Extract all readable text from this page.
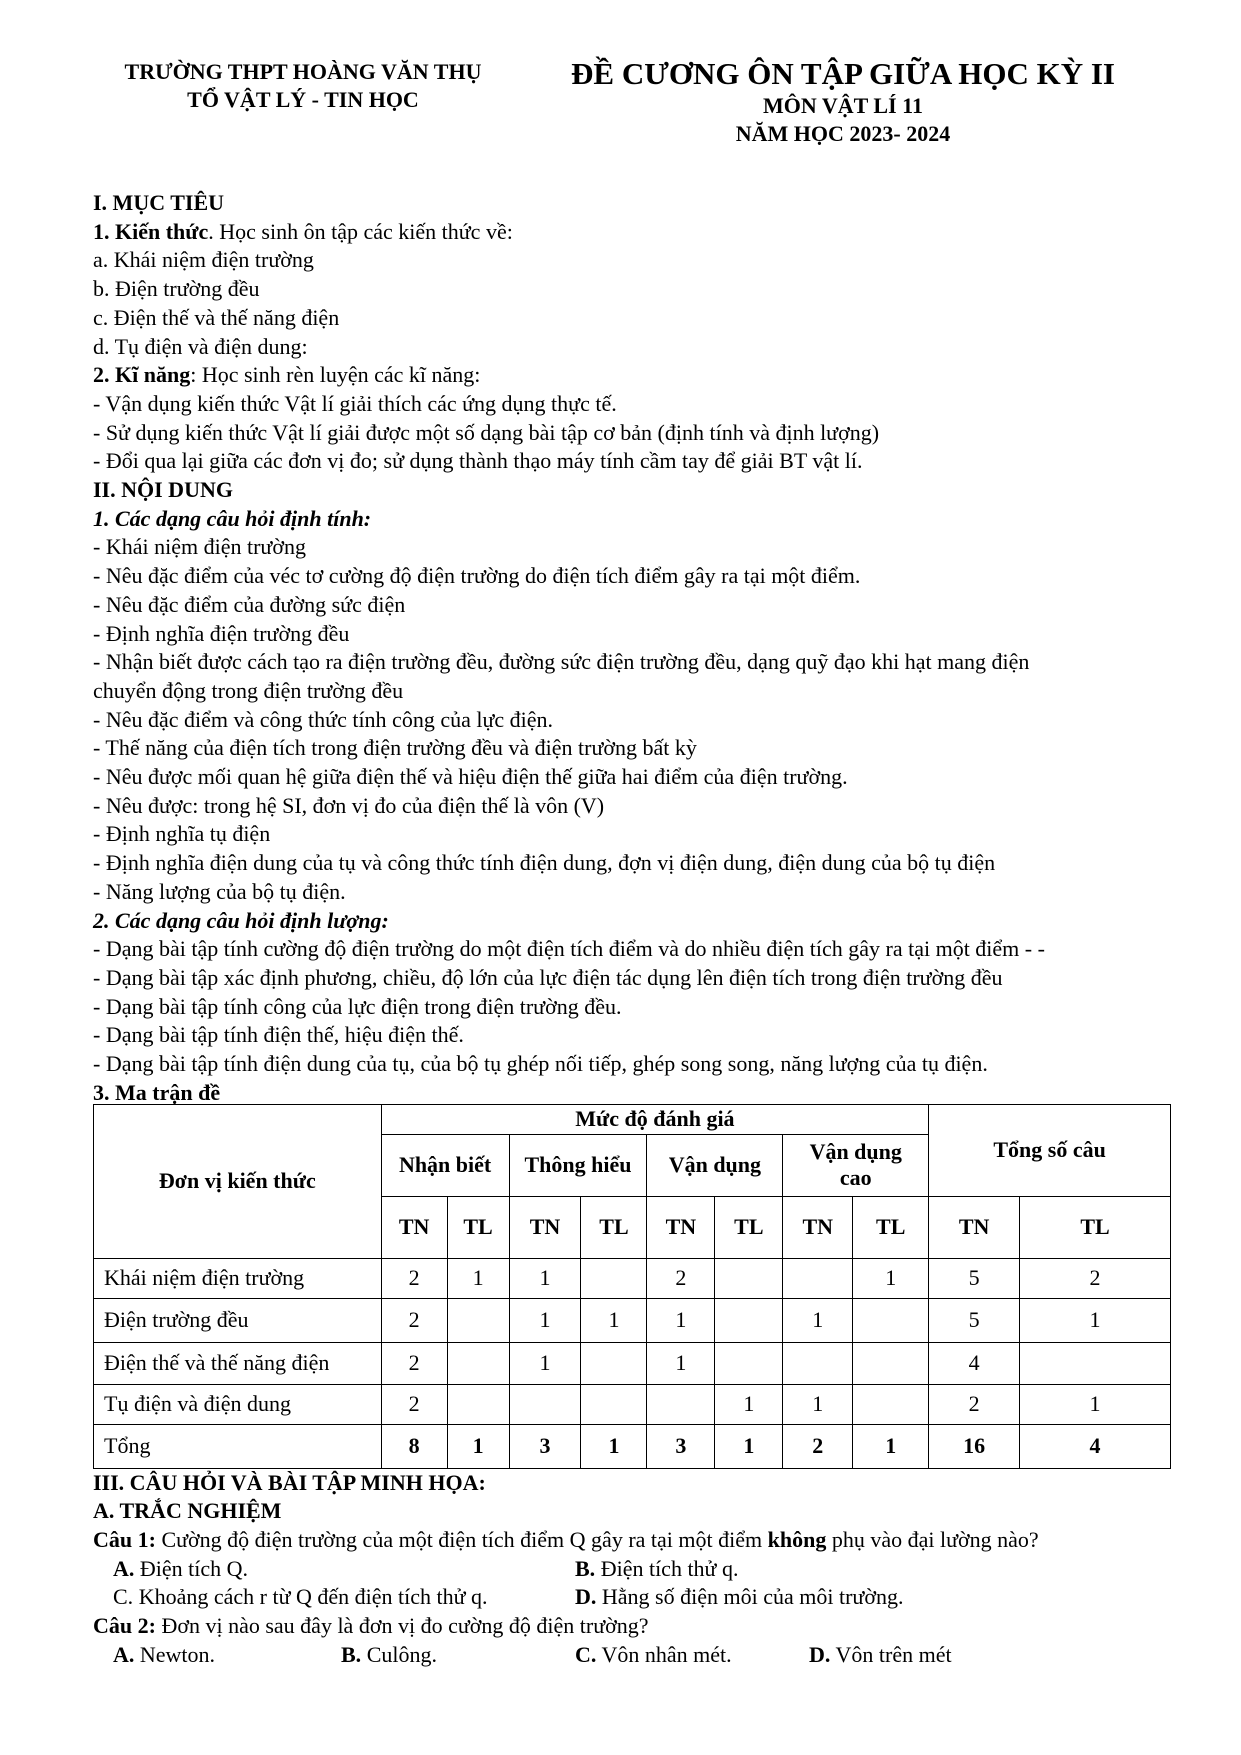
TRƯỜNG THPT HOÀNG VĂN THỤ
TỔ VẬT LÝ - TIN HỌC
ĐỀ CƯƠNG ÔN TẬP GIỮA HỌC KỲ II
MÔN VẬT LÍ 11
NĂM HỌC 2023- 2024
I. MỤC TIÊU
1. Kiến thức. Học sinh ôn tập các kiến thức về:
a. Khái niệm điện trường
b. Điện trường đều
c. Điện thế và thế năng điện
d. Tụ điện và điện dung:
2. Kĩ năng: Học sinh rèn luyện các kĩ năng:
- Vận dụng kiến thức Vật lí giải thích các ứng dụng thực tế.
- Sử dụng kiến thức Vật lí giải được một số dạng bài tập cơ bản (định tính và định lượng)
- Đổi qua lại giữa các đơn vị đo; sử dụng thành thạo máy tính cầm tay để giải BT vật lí.
II. NỘI DUNG
1. Các dạng câu hỏi định tính:
- Khái niệm điện trường
- Nêu đặc điểm của véc tơ cường độ điện trường do điện tích điểm gây ra tại một điểm.
- Nêu đặc điểm của đường sức điện
- Định nghĩa điện trường đều
- Nhận biết được cách tạo ra điện trường đều, đường sức điện trường đều, dạng quỹ đạo khi hạt mang điện
chuyển động trong điện trường đều
- Nêu đặc điểm và công thức tính công của lực điện.
- Thế năng của điện tích trong điện trường đều và điện trường bất kỳ
- Nêu được mối quan hệ giữa điện thế và hiệu điện thế giữa hai điểm của điện trường.
- Nêu được: trong hệ SI, đơn vị đo của điện thế là vôn (V)
- Định nghĩa tụ điện
- Định nghĩa điện dung của tụ và công thức tính điện dung, đợn vị điện dung, điện dung của bộ tụ điện
- Năng lượng của bộ tụ điện.
2. Các dạng câu hỏi định lượng:
- Dạng bài tập tính cường độ điện trường do một điện tích điểm và do nhiều điện tích gây ra tại một điểm - -
- Dạng bài tập xác định phương, chiều, độ lớn của lực điện tác dụng lên điện tích trong điện trường đều
- Dạng bài tập tính công của lực điện trong điện trường đều.
- Dạng bài tập tính điện thế, hiệu điện thế.
- Dạng bài tập tính điện dung của tụ, của bộ tụ ghép nối tiếp, ghép song song, năng lượng của tụ điện.
3. Ma trận đề
Đơn vị kiến thức	Mức độ đánh giá								Tổng số câu	
	Nhận biết		Thông hiểu		Vận dụng		Vận dụng cao			
	TN	TL	TN	TL	TN	TL	TN	TL	TN	TL
Khái niệm điện trường	2	1	1		2			1	5	2
Điện trường đều	2		1	1	1		1		5	1
Điện thế và thế năng điện	2		1		1				4	
Tụ điện và điện dung	2					1	1		2	1
Tổng	8	1	3	1	3	1	2	1	16	4
III. CÂU HỎI VÀ BÀI TẬP MINH HỌA:
A. TRẮC NGHIỆM
Câu 1: Cường độ điện trường của một điện tích điểm Q gây ra tại một điểm không phụ vào đại lường nào?
A. Điện tích Q.	B. Điện tích thử q.
C. Khoảng cách r từ Q đến điện tích thử q.	D. Hằng số điện môi của môi trường.
Câu 2: Đơn vị nào sau đây là đơn vị đo cường độ điện trường?
A. Newton.	B. Culông.	C. Vôn nhân mét.	D. Vôn trên mét
